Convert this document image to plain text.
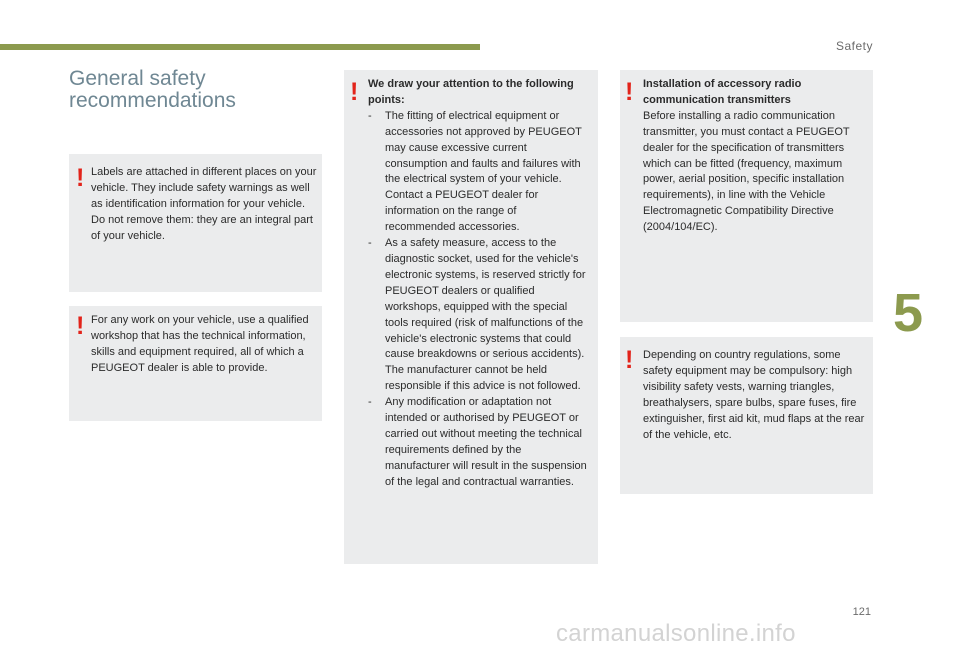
Safety
General safety
recommendations
! Labels are attached in different places on your vehicle. They include safety warnings as well as identification information for your vehicle. Do not remove them: they are an integral part of your vehicle.

! For any work on your vehicle, use a qualified workshop that has the technical information, skills and equipment required, all of which a PEUGEOT dealer is able to provide.

! We draw your attention to the following points:

-	The fitting of electrical equipment or accessories not approved by PEUGEOT may cause excessive current consumption and faults and failures with the electrical system of your vehicle. Contact a PEUGEOT dealer for information on the range of recommended accessories.
-	As a safety measure, access to the diagnostic socket, used for the vehicle's electronic systems, is reserved strictly for PEUGEOT dealers or qualified workshops, equipped with the special tools required (risk of malfunctions of the vehicle's electronic systems that could cause breakdowns or serious accidents). The manufacturer cannot be held responsible if this advice is not followed.
-	Any modification or adaptation not intended or authorised by PEUGEOT or carried out without meeting the technical requirements defined by the manufacturer will result in the suspension of the legal and contractual warranties.
! Installation of accessory radio communication transmitters

Before installing a radio communication transmitter, you must contact a PEUGEOT dealer for the specification of transmitters which can be fitted (frequency, maximum power, aerial position, specific installation requirements), in line with the Vehicle Electromagnetic Compatibility Directive (2004/104/EC).

! Depending on country regulations, some safety equipment may be compulsory: high visibility safety vests, warning triangles, breathalysers, spare bulbs, spare fuses, fire extinguisher, first aid kit, mud flaps at the rear of the vehicle, etc.

5
121
carmanualsonline.info
